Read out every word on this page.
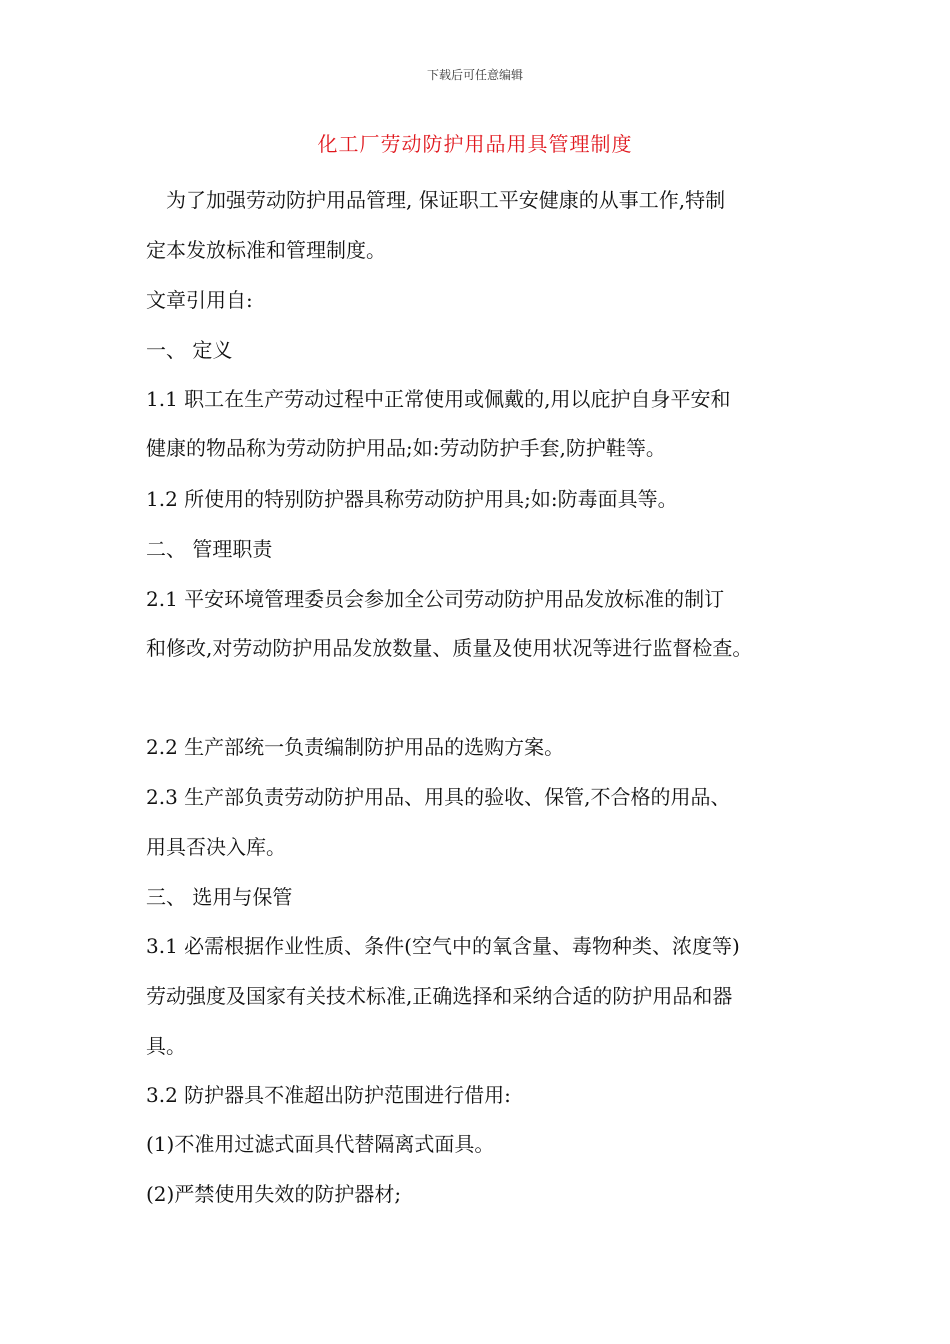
下载后可任意编辑
化工厂劳动防护用品用具管理制度
　为了加强劳动防护用品管理, 保证职工平安健康的从事工作,特制
定本发放标准和管理制度。
文章引用自:
一、 定义
1.1 职工在生产劳动过程中正常使用或佩戴的,用以庇护自身平安和
健康的物品称为劳动防护用品;如:劳动防护手套,防护鞋等。
1.2 所使用的特别防护器具称劳动防护用具;如:防毒面具等。
二、 管理职责
2.1 平安环境管理委员会参加全公司劳动防护用品发放标准的制订
和修改,对劳动防护用品发放数量、质量及使用状况等进行监督检查。
2.2 生产部统一负责编制防护用品的选购方案。
2.3 生产部负责劳动防护用品、用具的验收、保管,不合格的用品、
用具否决入库。
三、 选用与保管
3.1 必需根据作业性质、条件(空气中的氧含量、毒物种类、浓度等)
劳动强度及国家有关技术标准,正确选择和采纳合适的防护用品和器
具。
3.2 防护器具不准超出防护范围进行借用:
(1)不准用过滤式面具代替隔离式面具。
(2)严禁使用失效的防护器材;
